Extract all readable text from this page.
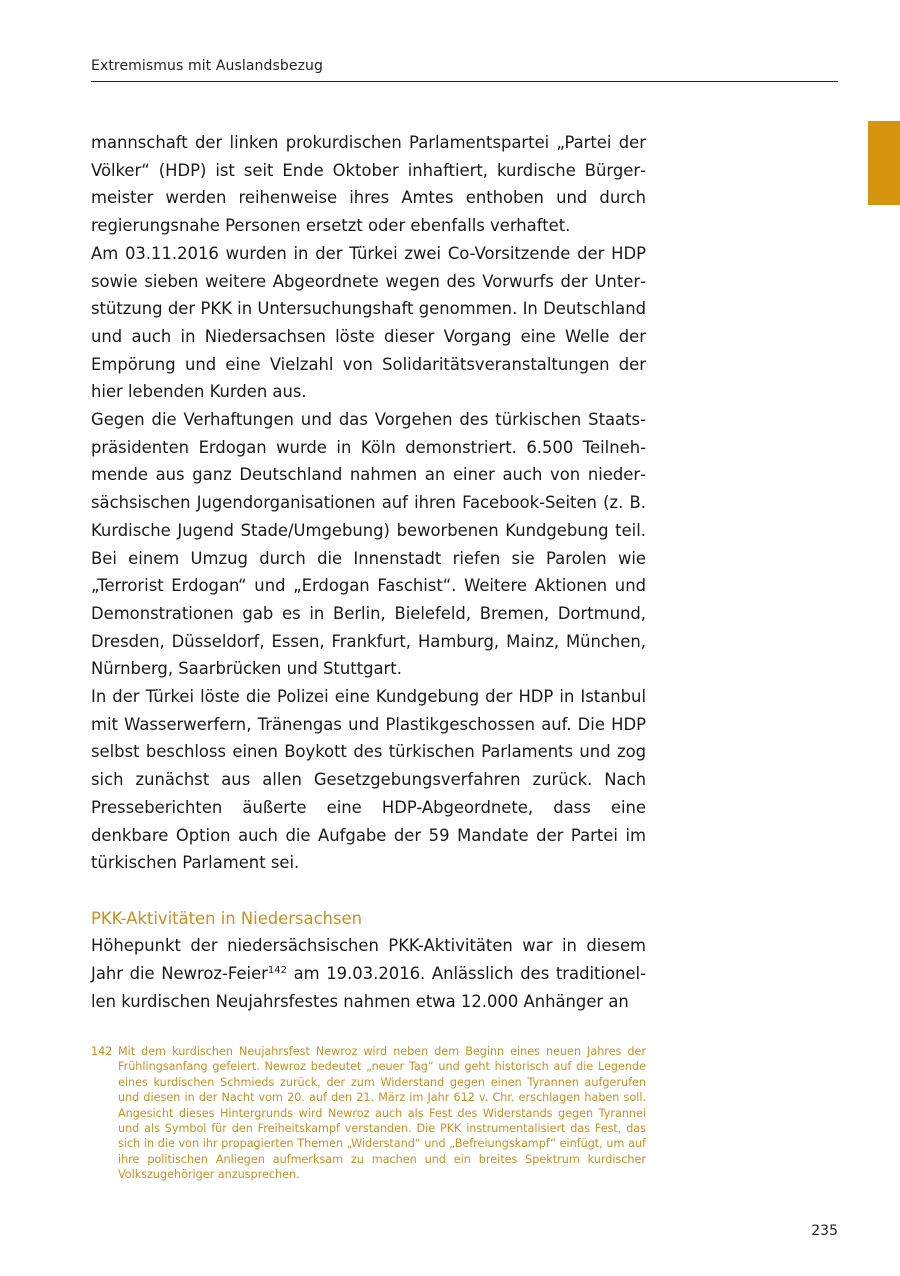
Extremismus mit Auslandsbezug

mannschaft der linken prokurdischen Parlamentspartei „Partei der Völker“ (HDP) ist seit Ende Oktober inhaftiert, kurdische Bürgermeister werden reihenweise ihres Amtes enthoben und durch regierungsnahe Personen ersetzt oder ebenfalls verhaftet.

Am 03.11.2016 wurden in der Türkei zwei Co-Vorsitzende der HDP sowie sieben weitere Abgeordnete wegen des Vorwurfs der Unterstützung der PKK in Untersuchungshaft genommen. In Deutschland und auch in Niedersachsen löste dieser Vorgang eine Welle der Empörung und eine Vielzahl von Solidaritätsveranstaltungen der hier lebenden Kurden aus.

Gegen die Verhaftungen und das Vorgehen des türkischen Staatspräsidenten Erdogan wurde in Köln demonstriert. 6.500 Teilnehmende aus ganz Deutschland nahmen an einer auch von niedersächsischen Jugendorganisationen auf ihren Facebook-Seiten (z. B. Kurdische Jugend Stade/Umgebung) beworbenen Kundgebung teil. Bei einem Umzug durch die Innenstadt riefen sie Parolen wie „Terrorist Erdogan“ und „Erdogan Faschist“. Weitere Aktionen und Demonstrationen gab es in Berlin, Bielefeld, Bremen, Dortmund, Dresden, Düsseldorf, Essen, Frankfurt, Hamburg, Mainz, München, Nürnberg, Saarbrücken und Stuttgart.

In der Türkei löste die Polizei eine Kundgebung der HDP in Istanbul mit Wasserwerfern, Tränengas und Plastikgeschossen auf. Die HDP selbst beschloss einen Boykott des türkischen Parlaments und zog sich zunächst aus allen Gesetzgebungsverfahren zurück. Nach Presseberichten äußerte eine HDP-Abgeordnete, dass eine denkbare Option auch die Aufgabe der 59 Mandate der Partei im türkischen Parlament sei.

PKK-Aktivitäten in Niedersachsen

Höhepunkt der niedersächsischen PKK-Aktivitäten war in diesem Jahr die Newroz-Feier$^{142}$ am 19.03.2016. Anlässlich des traditionellen kurdischen Neujahrsfestes nahmen etwa 12.000 Anhänger an

142 Mit dem kurdischen Neujahrsfest Newroz wird neben dem Beginn eines neuen Jahres der Frühlingsanfang gefeiert. Newroz bedeutet „neuer Tag“ und geht historisch auf die Legende eines kurdischen Schmieds zurück, der zum Widerstand gegen einen Tyrannen aufgerufen und diesen in der Nacht vom 20. auf den 21. März im Jahr 612 v. Chr. erschlagen haben soll. Angesicht dieses Hintergrunds wird Newroz auch als Fest des Widerstands gegen Tyrannei und als Symbol für den Freiheitskampf verstanden. Die PKK instrumentalisiert das Fest, das sich in die von ihr propagierten Themen „Widerstand“ und „Befreiungskampf“ einfügt, um auf ihre politischen Anliegen aufmerksam zu machen und ein breites Spektrum kurdischer Volkszugehöriger anzusprechen.
235
